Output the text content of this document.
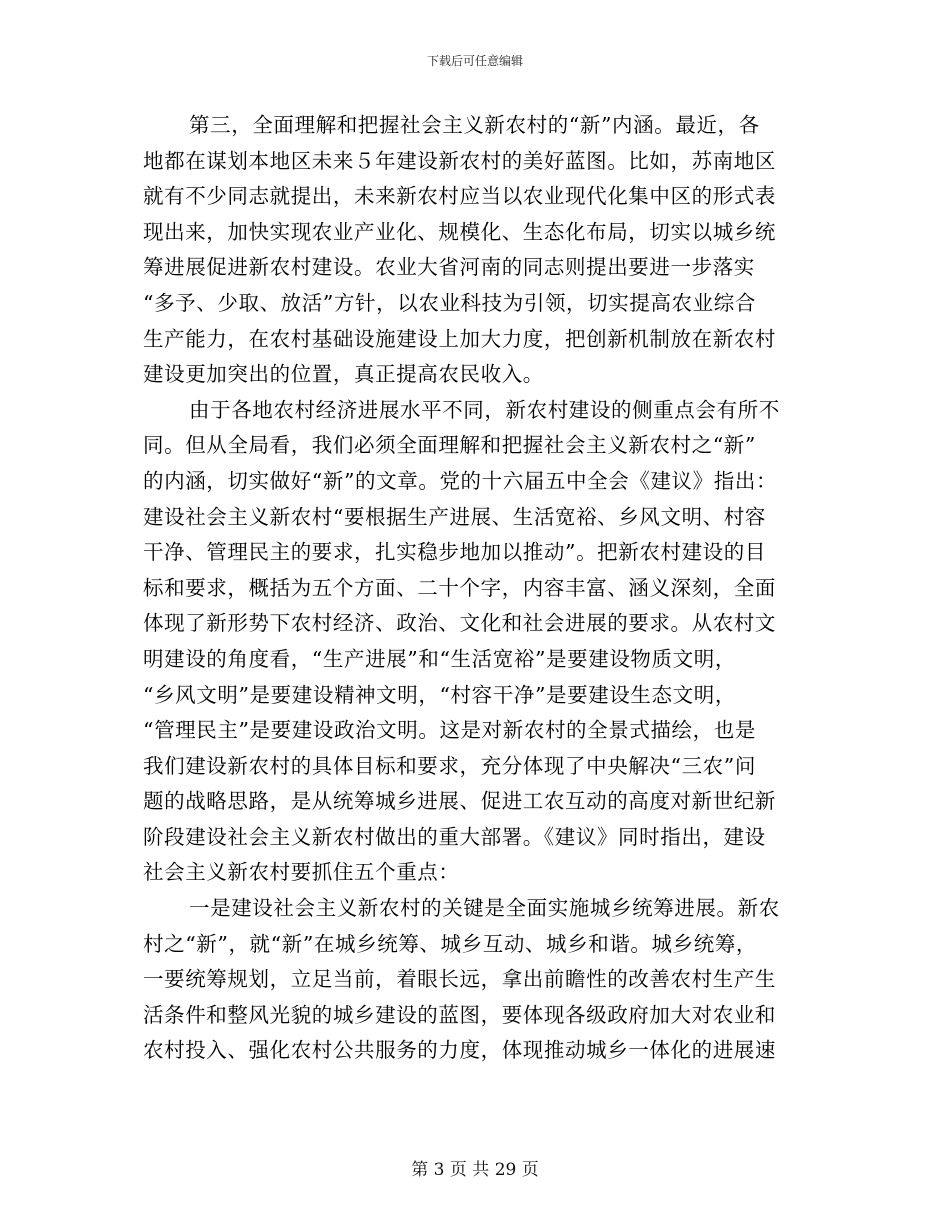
下载后可任意编辑
第三，全面理解和把握社会主义新农村的“新”内涵。最近，各
地都在谋划本地区未来５年建设新农村的美好蓝图。比如，苏南地区
就有不少同志就提出，未来新农村应当以农业现代化集中区的形式表
现出来，加快实现农业产业化、规模化、生态化布局，切实以城乡统
筹进展促进新农村建设。农业大省河南的同志则提出要进一步落实
“多予、少取、放活”方针，以农业科技为引领，切实提高农业综合
生产能力，在农村基础设施建设上加大力度，把创新机制放在新农村
建设更加突出的位置，真正提高农民收入。
由于各地农村经济进展水平不同，新农村建设的侧重点会有所不
同。但从全局看，我们必须全面理解和把握社会主义新农村之“新”
的内涵，切实做好“新”的文章。党的十六届五中全会《建议》指出：
建设社会主义新农村“要根据生产进展、生活宽裕、乡风文明、村容
干净、管理民主的要求，扎实稳步地加以推动”。把新农村建设的目
标和要求，概括为五个方面、二十个字，内容丰富、涵义深刻，全面
体现了新形势下农村经济、政治、文化和社会进展的要求。从农村文
明建设的角度看，“生产进展”和“生活宽裕”是要建设物质文明，
“乡风文明”是要建设精神文明，“村容干净”是要建设生态文明，
“管理民主”是要建设政治文明。这是对新农村的全景式描绘，也是
我们建设新农村的具体目标和要求，充分体现了中央解决“三农”问
题的战略思路，是从统筹城乡进展、促进工农互动的高度对新世纪新
阶段建设社会主义新农村做出的重大部署。《建议》同时指出，建设
社会主义新农村要抓住五个重点：
一是建设社会主义新农村的关键是全面实施城乡统筹进展。新农
村之“新”，就“新”在城乡统筹、城乡互动、城乡和谐。城乡统筹，
一要统筹规划，立足当前，着眼长远，拿出前瞻性的改善农村生产生
活条件和整风光貌的城乡建设的蓝图，要体现各级政府加大对农业和
农村投入、强化农村公共服务的力度，体现推动城乡一体化的进展速
第 3 页 共 29 页
